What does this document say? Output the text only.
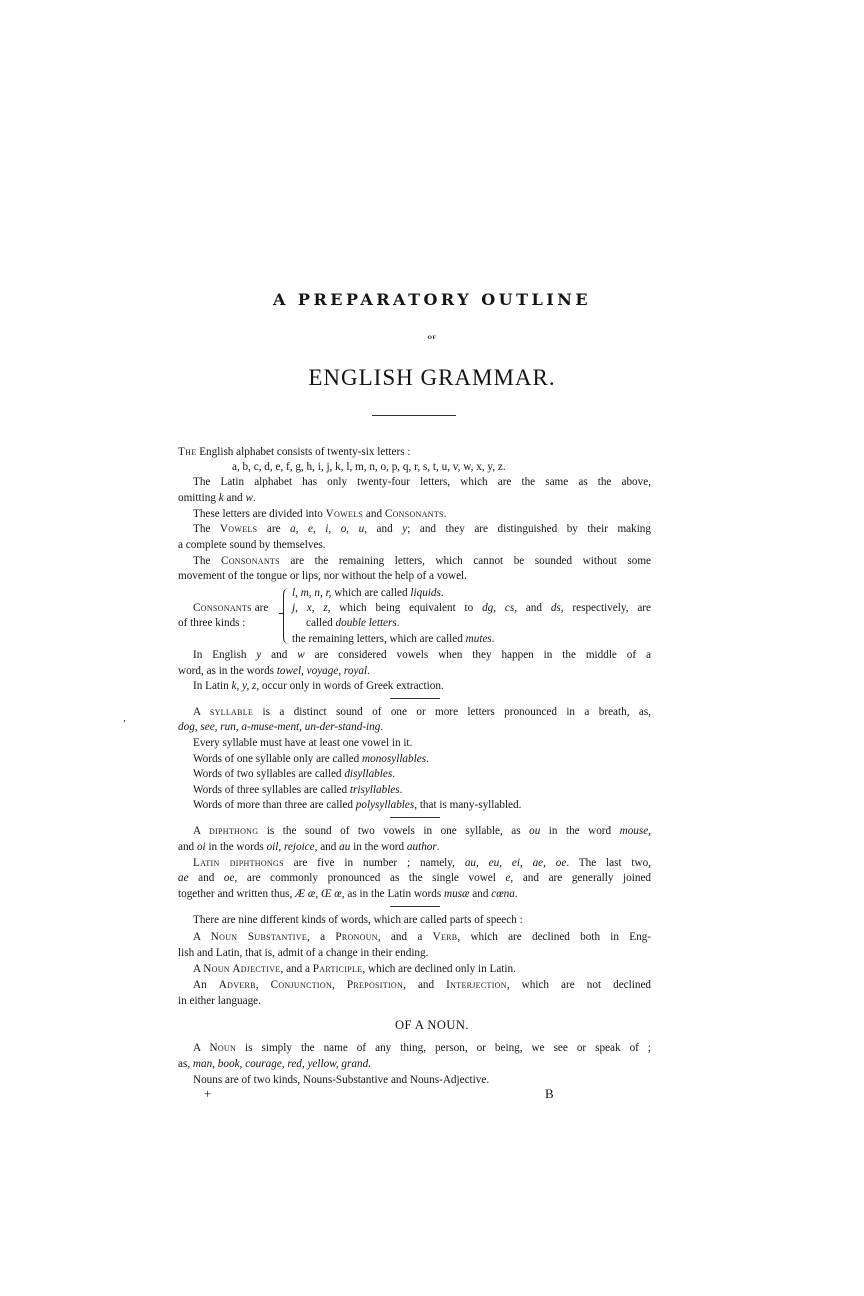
A PREPARATORY OUTLINE
OF
ENGLISH GRAMMAR.
The English alphabet consists of twenty-six letters :
a, b, c, d, e, f, g, h, i, j, k, l, m, n, o, p, q, r, s, t, u, v, w, x, y, z.
The Latin alphabet has only twenty-four letters, which are the same as the above,
omitting k and w.
These letters are divided into Vowels and Consonants.
The Vowels are a, e, i, o, u, and y; and they are distinguished by their making
a complete sound by themselves.
The Consonants are the remaining letters, which cannot be sounded without some
movement of the tongue or lips, nor without the help of a vowel.
Consonants are
of three kinds :
l, m, n, r, which are called liquids.
j, x, z, which being equivalent to dg, cs, and ds, respectively, are
called double letters.
the remaining letters, which are called mutes.
In English y and w are considered vowels when they happen in the middle of a
word, as in the words towel, voyage, royal.
In Latin k, y, z, occur only in words of Greek extraction.
A syllable is a distinct sound of one or more letters pronounced in a breath, as,
dog, see, run, a-muse-ment, un-der-stand-ing.
Every syllable must have at least one vowel in it.
Words of one syllable only are called monosyllables.
Words of two syllables are called disyllables.
Words of three syllables are called trisyllables.
Words of more than three are called polysyllables, that is many-syllabled.
A diphthong is the sound of two vowels in one syllable, as ou in the word mouse,
and oi in the words oil, rejoice, and au in the word author.
Latin diphthongs are five in number ; namely, au, eu, ei, ae, oe. The last two,
ae and oe, are commonly pronounced as the single vowel e, and are generally joined
together and written thus, Æ æ, Œ œ, as in the Latin words musæ and cœna.
There are nine different kinds of words, which are called parts of speech :
A Noun Substantive, a Pronoun, and a Verb, which are declined both in Eng-
lish and Latin, that is, admit of a change in their ending.
A Noun Adjective, and a Participle, which are declined only in Latin.
An Adverb, Conjunction, Preposition, and Interjection, which are not declined
in either language.
OF A NOUN.
A Noun is simply the name of any thing, person, or being, we see or speak of ;
as, man, book, courage, red, yellow, grand.
Nouns are of two kinds, Nouns-Substantive and Nouns-Adjective.
+	B
